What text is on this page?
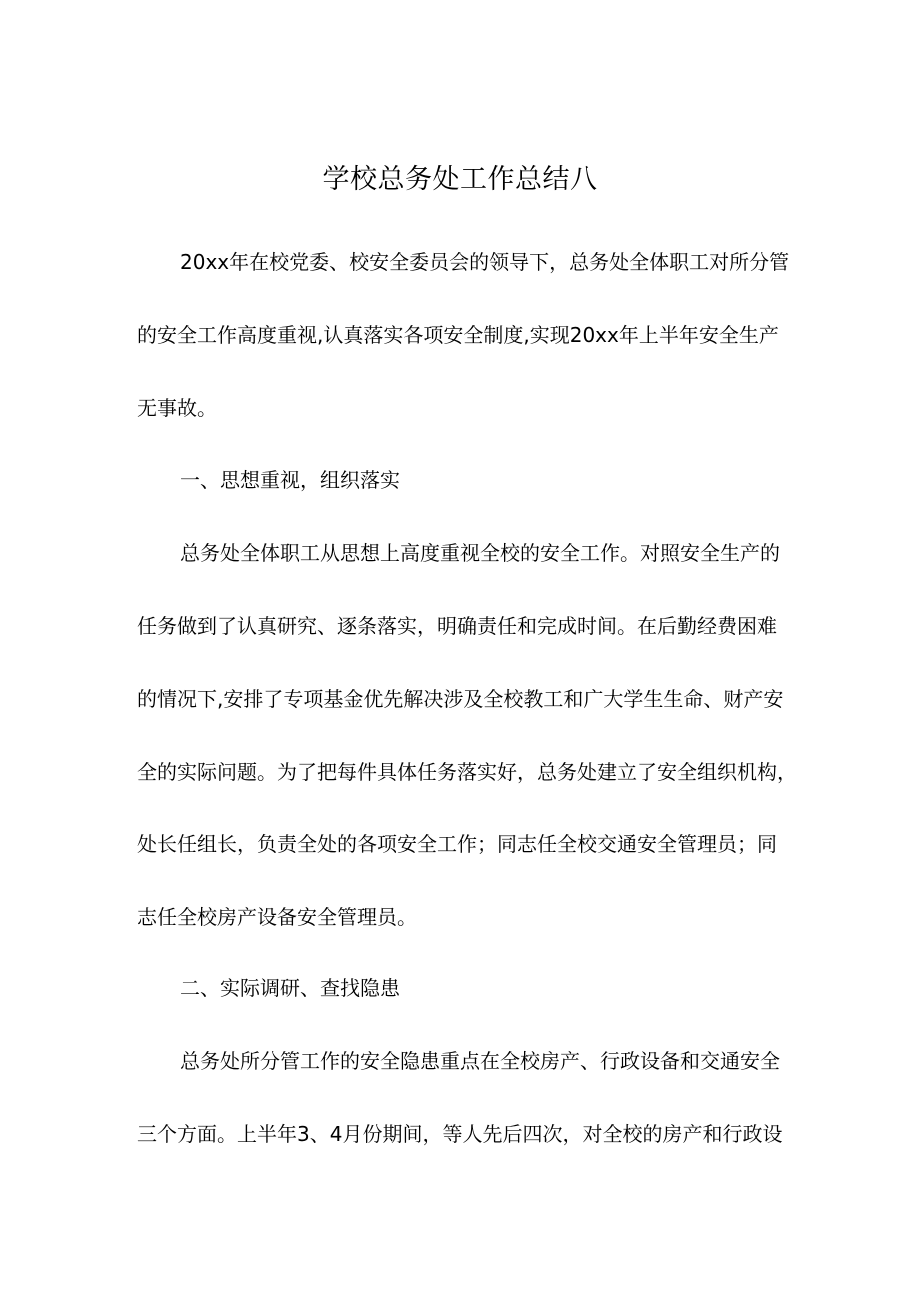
学校总务处工作总结八
20xx年在校党委、校安全委员会的领导下，总务处全体职工对所分管
的安全工作高度重视,认真落实各项安全制度,实现20xx年上半年安全生产
无事故。
一、思想重视，组织落实
总务处全体职工从思想上高度重视全校的安全工作。对照安全生产的
任务做到了认真研究、逐条落实，明确责任和完成时间。在后勤经费困难
的情况下,安排了专项基金优先解决涉及全校教工和广大学生生命、财产安
全的实际问题。为了把每件具体任务落实好，总务处建立了安全组织机构，
处长任组长，负责全处的各项安全工作；同志任全校交通安全管理员；同
志任全校房产设备安全管理员。
二、实际调研、查找隐患
总务处所分管工作的安全隐患重点在全校房产、行政设备和交通安全
三个方面。上半年3、4月份期间，等人先后四次，对全校的房产和行政设
